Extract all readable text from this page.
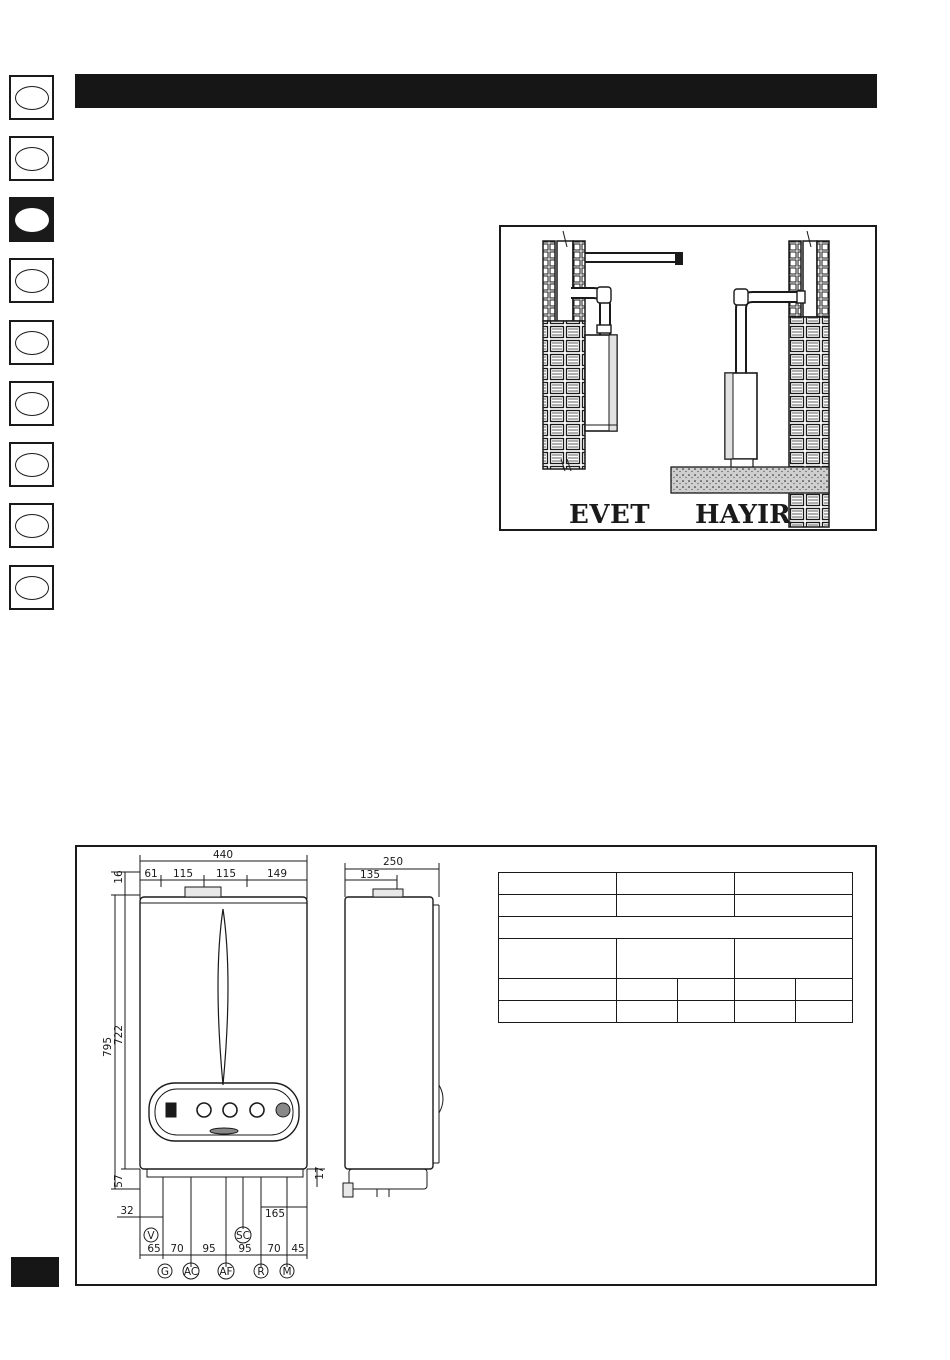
EVET HAYIR
440
61 115 115	149
795
722
16
57
17
32	165
65 70 95 95 70 45
V	SC
G AC AF R M
250
135
